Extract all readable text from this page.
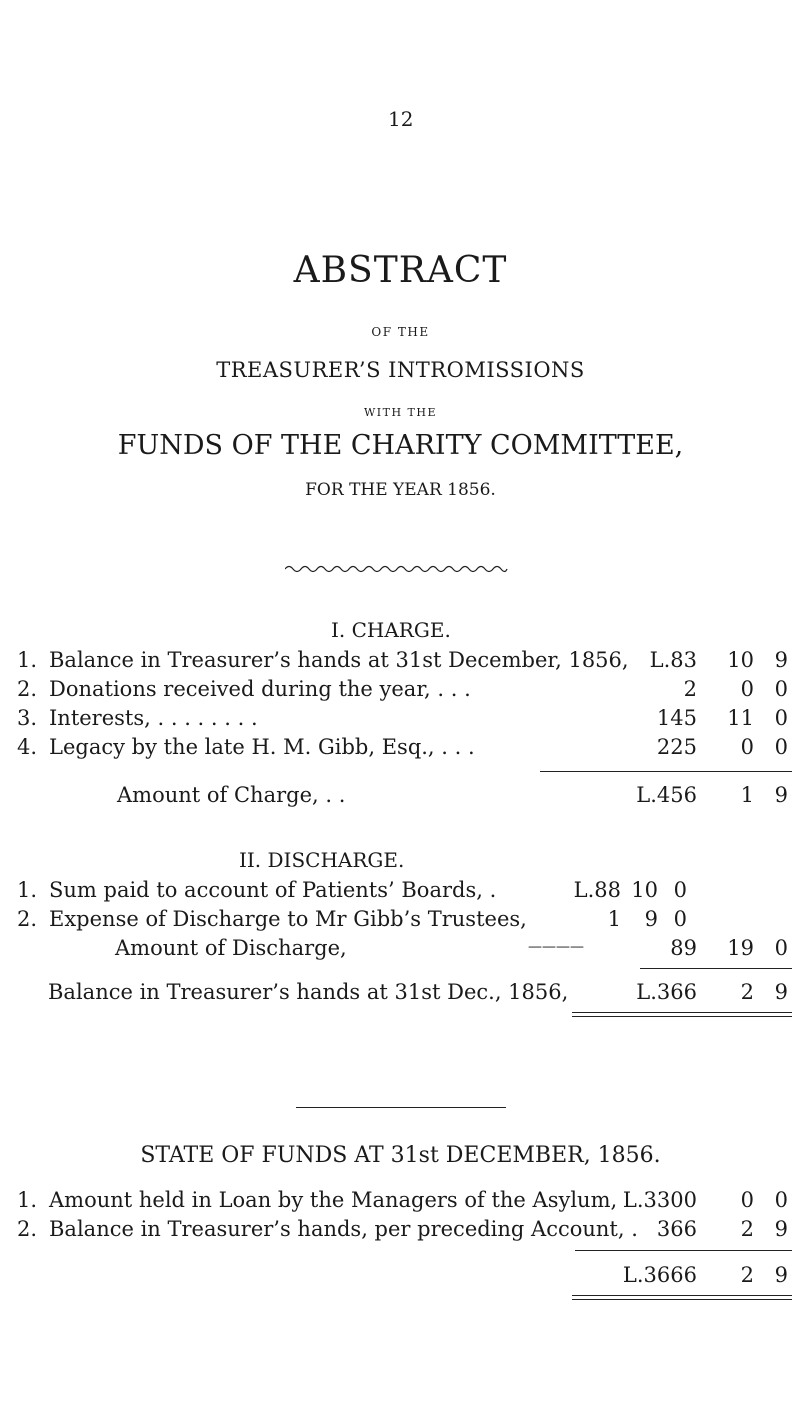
12
ABSTRACT
OF THE
TREASURER’S INTROMISSIONS
WITH THE
FUNDS OF THE CHARITY COMMITTEE,
FOR THE YEAR 1856.
I. CHARGE.
1. Balance in Treasurer’s hands at 31st December, 1856, L.83 10 9
2. Donations received during the year, . . .	2 0 0
3. Interests, . . . . . . . .	145 11 0
4. Legacy by the late H. M. Gibb, Esq., . . .	225 0 0
Amount of Charge, . .	L.456 1 9
II. DISCHARGE.
1. Sum paid to account of Patients’ Boards, .	L.88 10 0
2. Expense of Discharge to Mr Gibb’s Trustees,	1 9 0
Amount of Discharge,	————	89 19 0
Balance in Treasurer’s hands at 31st Dec., 1856,	L.366 2 9
STATE OF FUNDS AT 31st DECEMBER, 1856.
1. Amount held in Loan by the Managers of the Asylum, L.3300 0 0
2. Balance in Treasurer’s hands, per preceding Account, . 366 2 9
L.3666 2 9
